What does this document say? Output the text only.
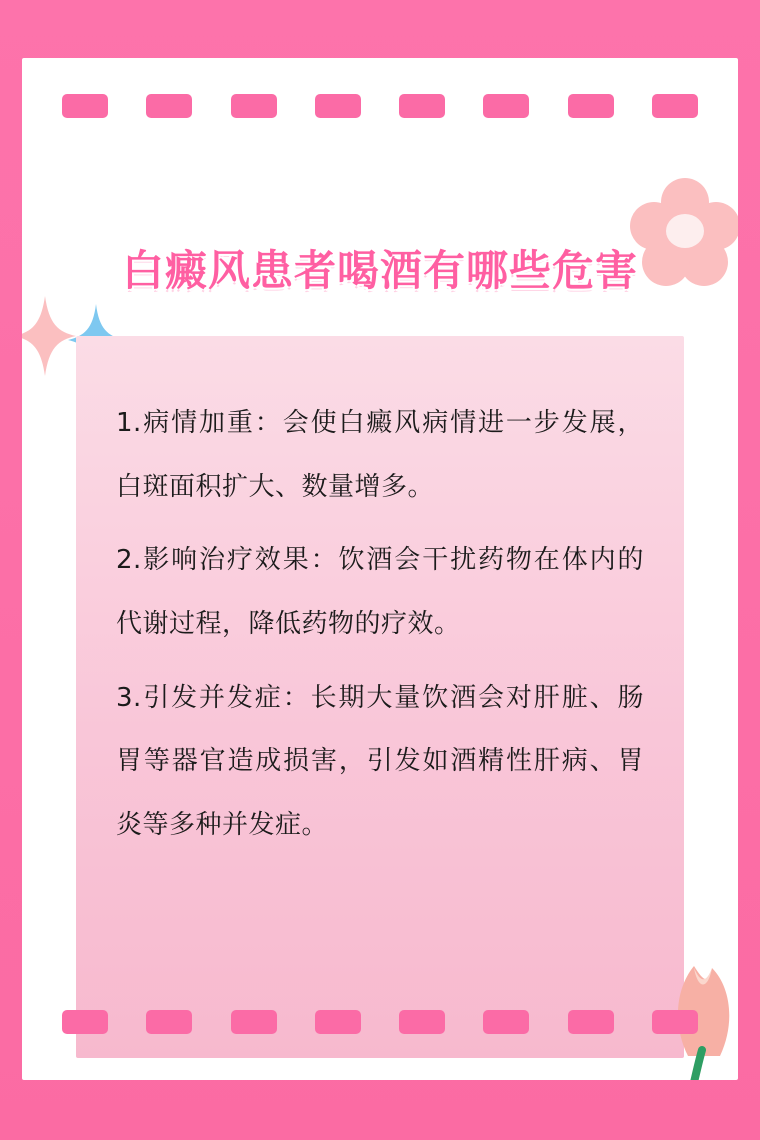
白癜风患者喝酒有哪些危害

1.病情加重：会使白癜风病情进一步发展，白斑面积扩大、数量增多。

2.影响治疗效果：饮酒会干扰药物在体内的代谢过程，降低药物的疗效。

3.引发并发症：长期大量饮酒会对肝脏、肠胃等器官造成损害，引发如酒精性肝病、胃炎等多种并发症。
